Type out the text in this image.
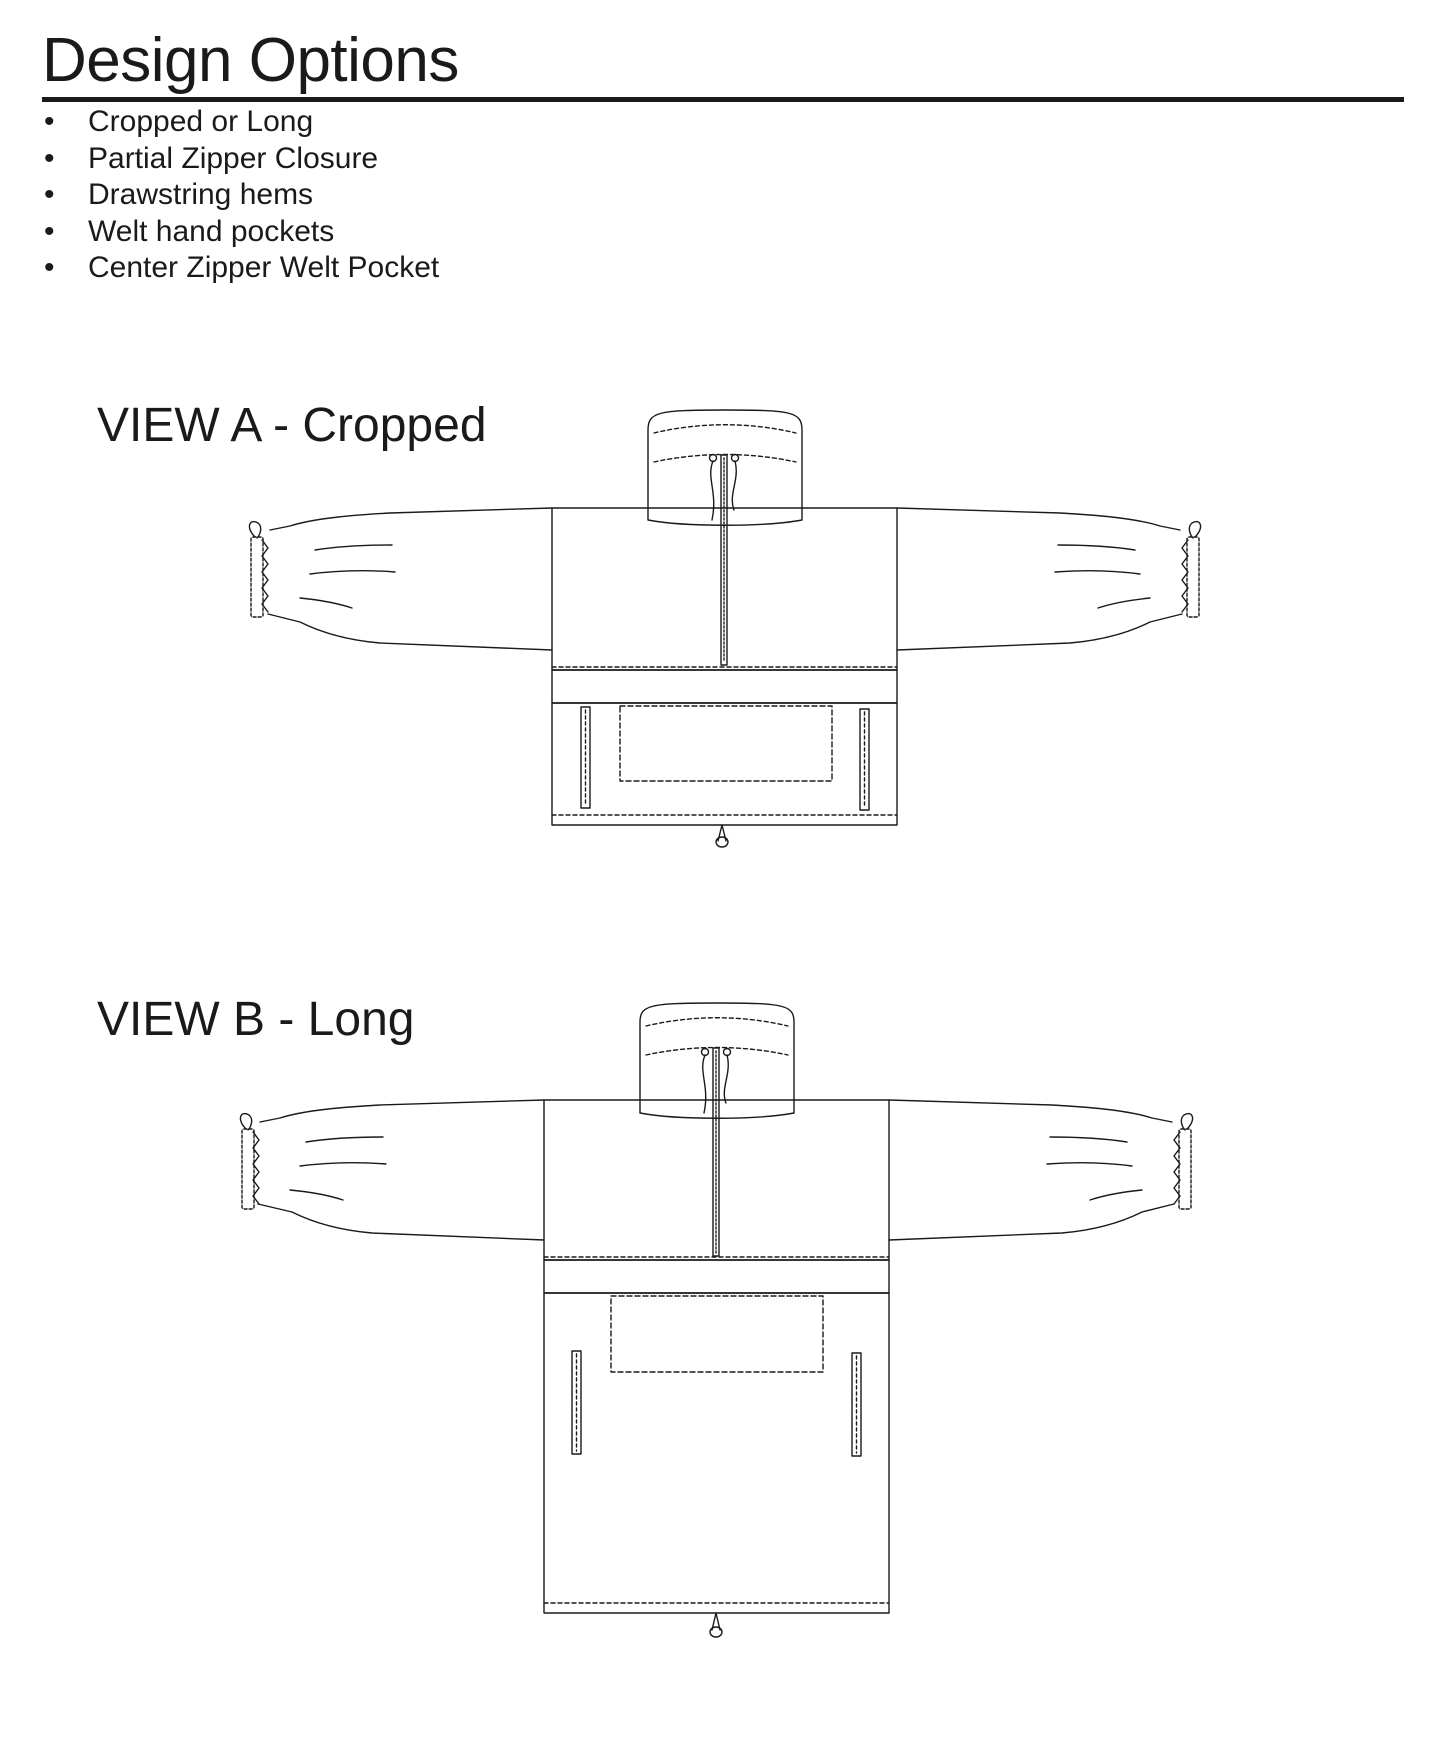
Design Options
• Cropped or Long
• Partial Zipper Closure
• Drawstring hems
• Welt hand pockets
• Center Zipper Welt Pocket
VIEW A - Cropped
VIEW B - Long
